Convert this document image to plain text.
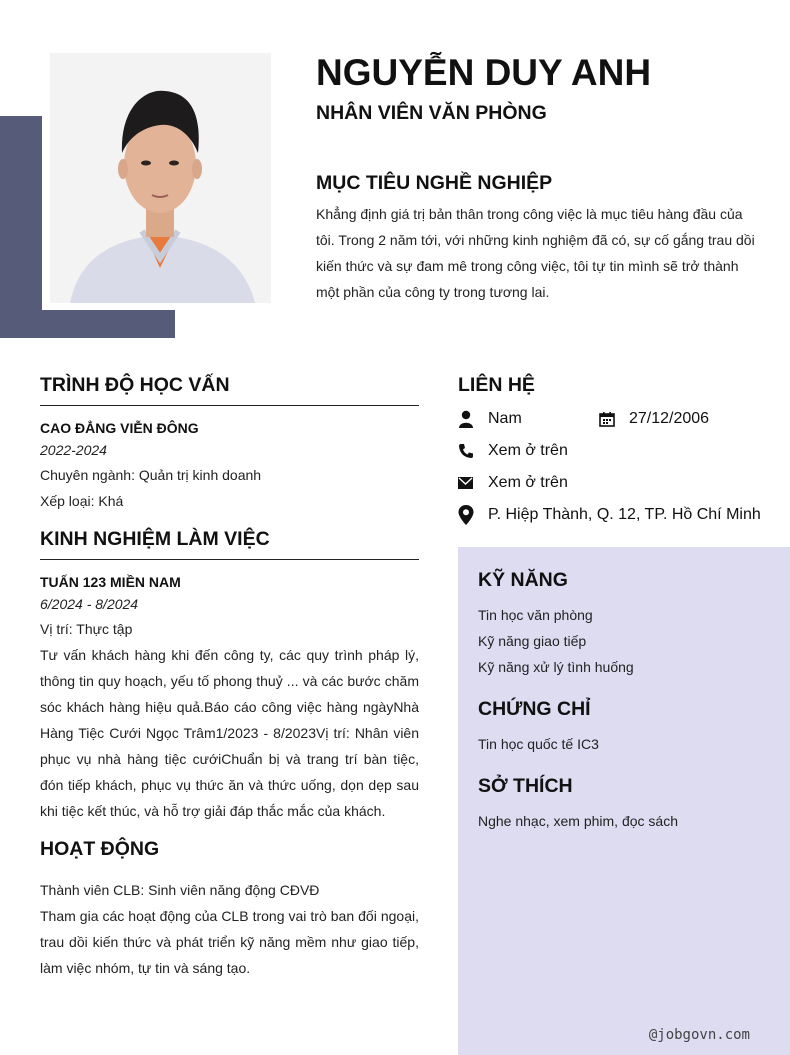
NGUYỄN DUY ANH
NHÂN VIÊN VĂN PHÒNG
MỤC TIÊU NGHỀ NGHIỆP

Khẳng định giá trị bản thân trong công việc là mục tiêu hàng đầu của tôi. Trong 2 năm tới, với những kinh nghiệm đã có, sự cố gắng trau dồi kiến thức và sự đam mê trong công việc, tôi tự tin mình sẽ trở thành một phần của công ty trong tương lai.

TRÌNH ĐỘ HỌC VẤN
CAO ĐẲNG VIỄN ĐÔNG
2022-2024
Chuyên ngành: Quản trị kinh doanh
Xếp loại: Khá
KINH NGHIỆM LÀM VIỆC
TUẤN 123 MIỀN NAM
6/2024 - 8/2024
Vị trí: Thực tập

Tư vấn khách hàng khi đến công ty, các quy trình pháp lý, thông tin quy hoạch, yếu tố phong thuỷ ... và các bước chăm sóc khách hàng hiệu quả.Báo cáo công việc hàng ngàyNhà Hàng Tiệc Cưới Ngọc Trâm1/2023 - 8/2023Vị trí: Nhân viên phục vụ nhà hàng tiệc cướiChuẩn bị và trang trí bàn tiệc, đón tiếp khách, phục vụ thức ăn và thức uống, dọn dẹp sau khi tiệc kết thúc, và hỗ trợ giải đáp thắc mắc của khách.

HOẠT ĐỘNG
Thành viên CLB: Sinh viên năng động CĐVĐ

Tham gia các hoạt động của CLB trong vai trò ban đối ngoại, trau dồi kiến thức và phát triển kỹ năng mềm như giao tiếp, làm việc nhóm, tự tin và sáng tạo.

LIÊN HỆ
Nam	27/12/2006
Xem ở trên
Xem ở trên
P. Hiệp Thành, Q. 12, TP. Hồ Chí Minh
KỸ NĂNG
Tin học văn phòng
Kỹ năng giao tiếp
Kỹ năng xử lý tình huống
CHỨNG CHỈ
Tin học quốc tế IC3
SỞ THÍCH
Nghe nhạc, xem phim, đọc sách
@jobgovn.com
